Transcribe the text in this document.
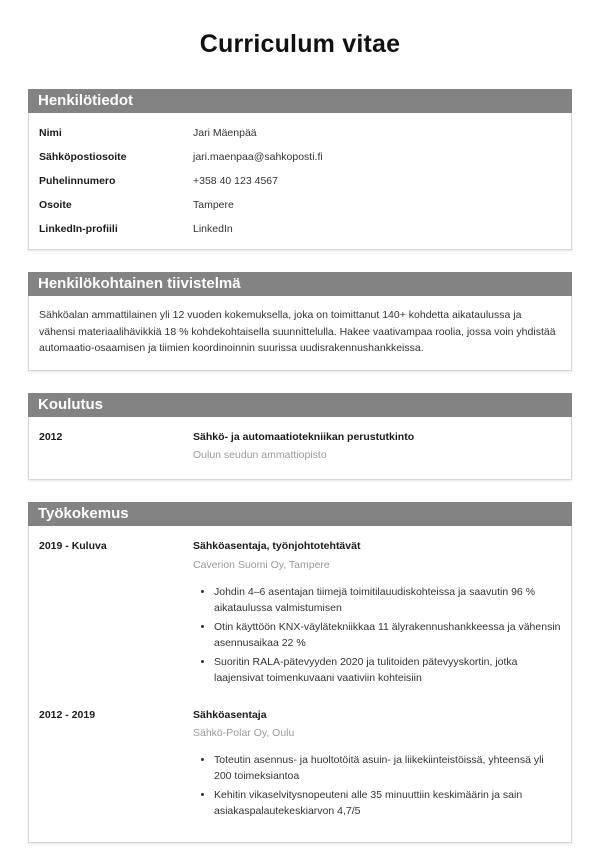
Curriculum vitae
Henkilötiedot
Nimi	Jari Mäenpää
Sähköpostiosoite	jari.maenpaa@sahkoposti.fi
Puhelinnumero	+358 40 123 4567
Osoite	Tampere
LinkedIn-profiili	LinkedIn
Henkilökohtainen tiivistelmä

Sähköalan ammattilainen yli 12 vuoden kokemuksella, joka on toimittanut 140+ kohdetta aikataulussa ja vähensi materiaalihävikkiä 18 % kohdekohtaisella suunnittelulla. Hakee vaativampaa roolia, jossa voin yhdistää automaatio-osaamisen ja tiimien koordinoinnin suurissa uudisrakennushankkeissa.

Koulutus
2012	Sähkö- ja automaatiotekniikan perustutkinto
Oulun seudun ammattiopisto
Työkokemus
2019 - Kuluva	Sähköasentaja, työnjohtotehtävät
Caverion Suomi Oy, Tampere
• Johdin 4–6 asentajan tiimejä toimitilauudiskohteissa ja saavutin 96 % aikataulussa valmistumisen
• Otin käyttöön KNX-väylätekniikkaa 11 älyrakennushankkeessa ja vähensin asennusaikaa 22 %
• Suoritin RALA-pätevyyden 2020 ja tulitoiden pätevyyskortin, jotka laajensivat toimenkuvaani vaativiin kohteisiin
2012 - 2019	Sähköasentaja
Sähkö-Polar Oy, Oulu
• Toteutin asennus- ja huoltotöitä asuin- ja liikekiinteistöissä, yhteensä yli 200 toimeksiantoa
• Kehitin vikaselvitysnopeuteni alle 35 minuuttiin keskimäärin ja sain asiakaspalautekeskiarvon 4,7/5
